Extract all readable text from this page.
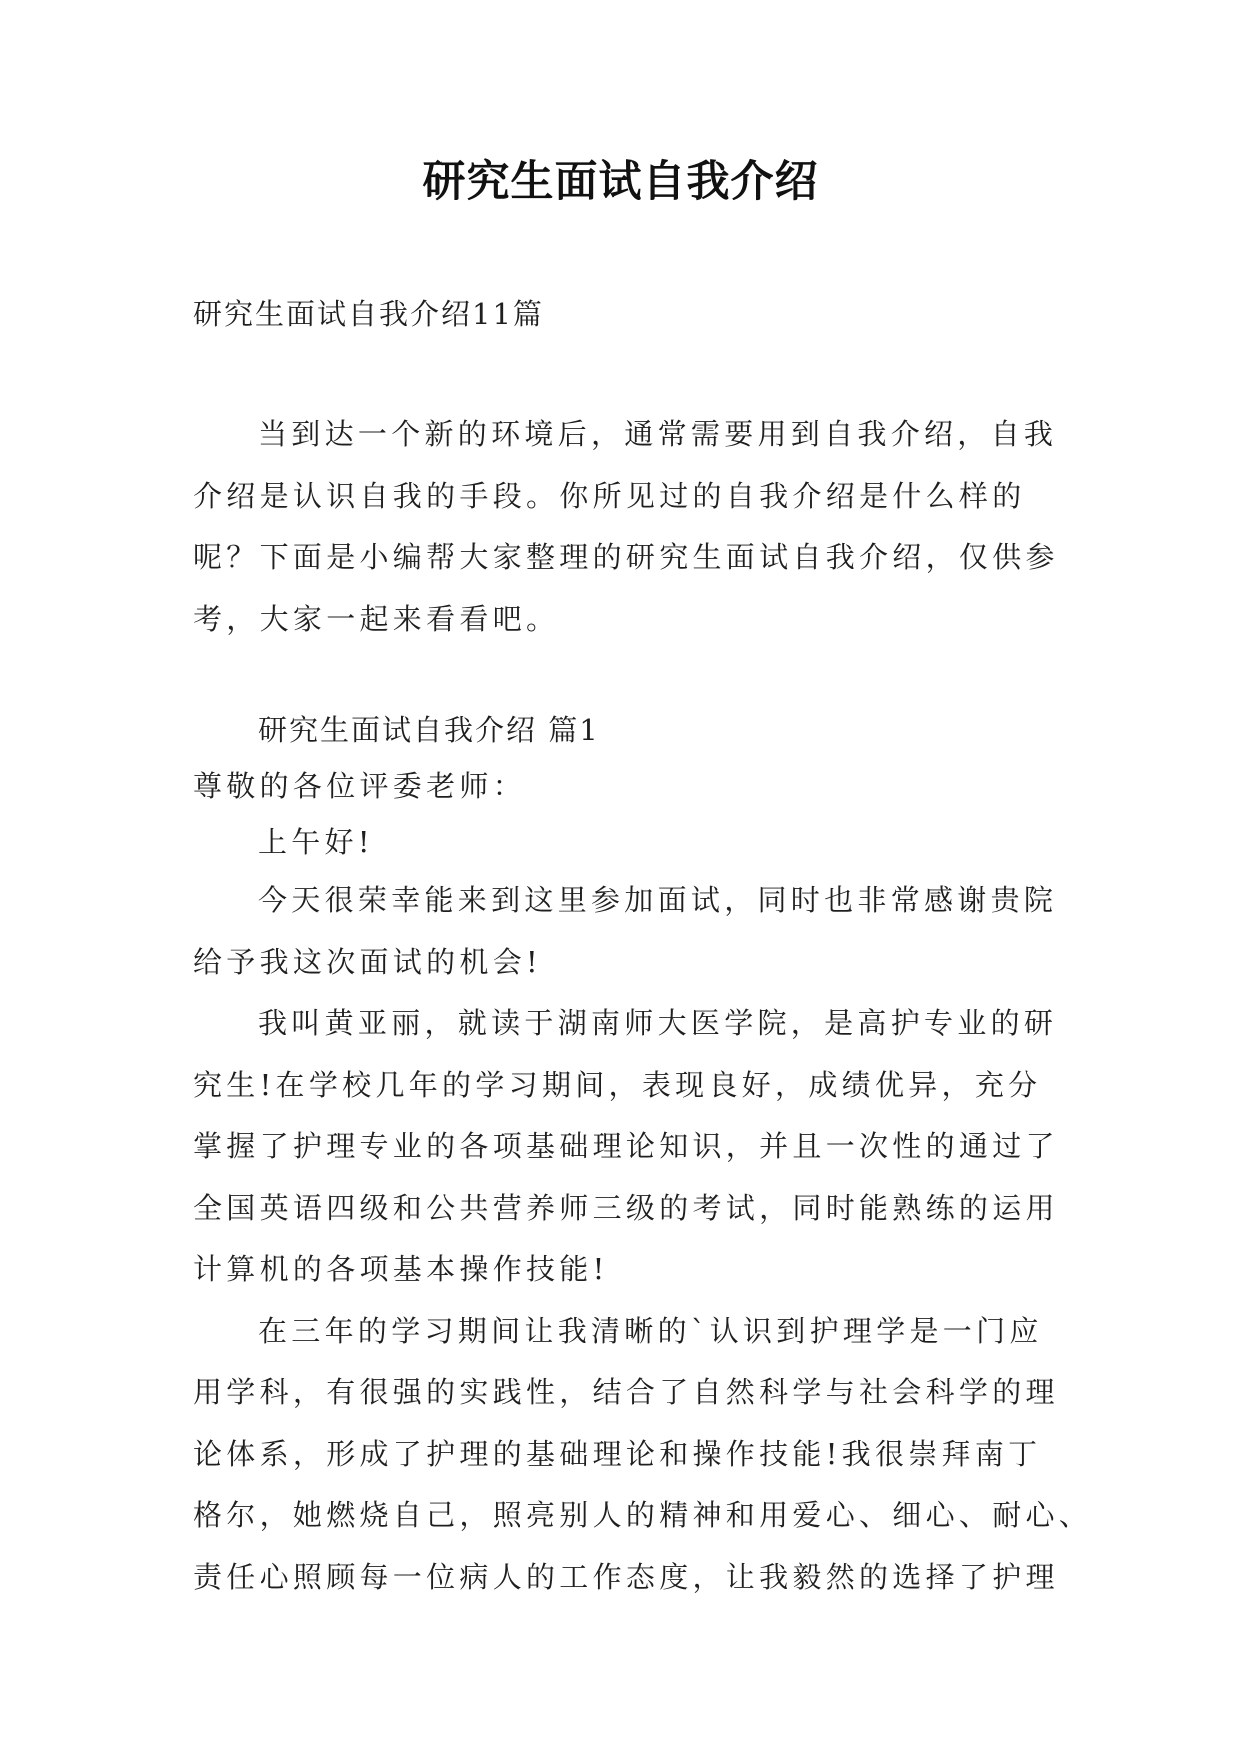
研究生面试自我介绍
研究生面试自我介绍11篇
当到达一个新的环境后，通常需要用到自我介绍，自我
介绍是认识自我的手段。你所见过的自我介绍是什么样的
呢？下面是小编帮大家整理的研究生面试自我介绍，仅供参
考，大家一起来看看吧。
研究生面试自我介绍 篇1
尊敬的各位评委老师：
上午好!
今天很荣幸能来到这里参加面试，同时也非常感谢贵院
给予我这次面试的机会!
我叫黄亚丽，就读于湖南师大医学院，是高护专业的研
究生!在学校几年的学习期间，表现良好，成绩优异，充分
掌握了护理专业的各项基础理论知识，并且一次性的通过了
全国英语四级和公共营养师三级的考试，同时能熟练的运用
计算机的各项基本操作技能!
在三年的学习期间让我清晰的`认识到护理学是一门应
用学科，有很强的实践性，结合了自然科学与社会科学的理
论体系，形成了护理的基础理论和操作技能!我很崇拜南丁
格尔，她燃烧自己，照亮别人的精神和用爱心、细心、耐心、
责任心照顾每一位病人的工作态度，让我毅然的选择了护理
